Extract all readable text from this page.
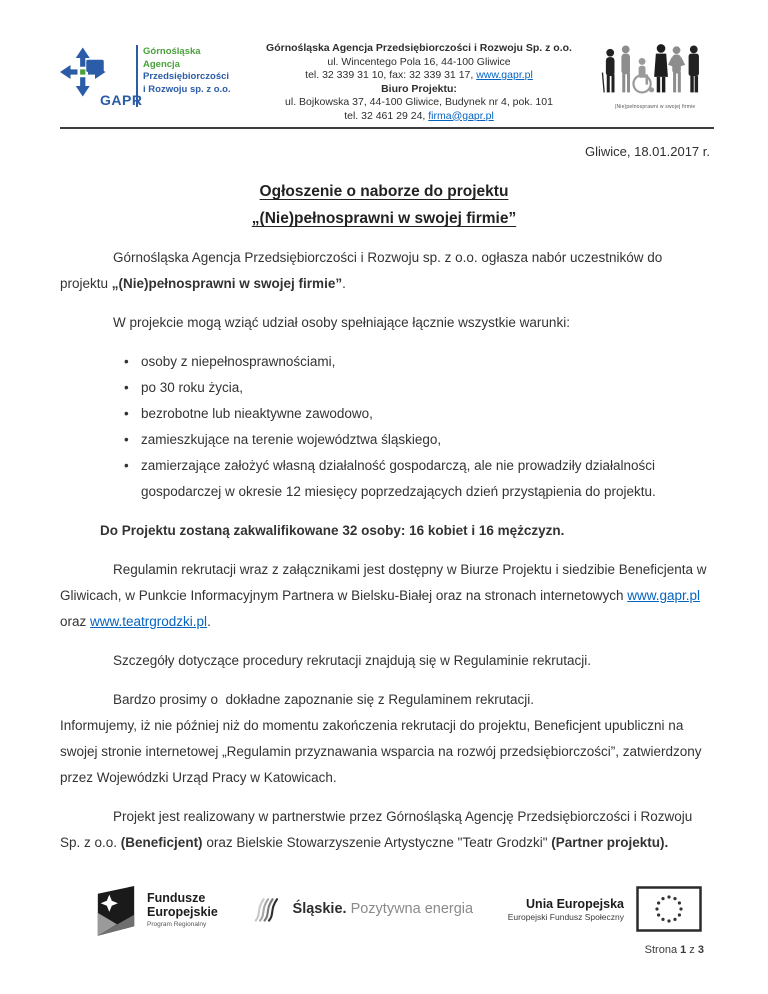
GAPR
Górnośląska
Agencja
Przedsiębiorczości
i Rozwoju sp. z o.o.
Górnośląska Agencja Przedsiębiorczości i Rozwoju Sp. z o.o.
ul. Wincentego Pola 16, 44-100 Gliwice
tel. 32 339 31 10, fax: 32 339 31 17, www.gapr.pl
Biuro Projektu:
ul. Bojkowska 37, 44-100 Gliwice, Budynek nr 4, pok. 101
tel. 32 461 29 24, firma@gapr.pl
(Nie)pełnosprawni w swojej firmie
Gliwice, 18.01.2017 r.
Ogłoszenie o naborze do projektu
„(Nie)pełnosprawni w swojej firmie”

Górnośląska Agencja Przedsiębiorczości i Rozwoju sp. z o.o. ogłasza nabór uczestników do projektu „(Nie)pełnosprawni w swojej firmie”.

W projekcie mogą wziąć udział osoby spełniające łącznie wszystkie warunki:

• osoby z niepełnosprawnościami,
• po 30 roku życia,
• bezrobotne lub nieaktywne zawodowo,
• zamieszkujące na terenie województwa śląskiego,
• zamierzające założyć własną działalność gospodarczą, ale nie prowadziły działalności gospodarczej w okresie 12 miesięcy poprzedzających dzień przystąpienia do projektu.

Do Projektu zostaną zakwalifikowane 32 osoby: 16 kobiet i 16 mężczyzn.

Regulamin rekrutacji wraz z załącznikami jest dostępny w Biurze Projektu i siedzibie Beneficjenta w Gliwicach, w Punkcie Informacyjnym Partnera w Bielsku-Białej oraz na stronach internetowych www.gapr.pl oraz www.teatrgrodzki.pl.

Szczegóły dotyczące procedury rekrutacji znajdują się w Regulaminie rekrutacji.

Bardzo prosimy o  dokładne zapoznanie się z Regulaminem rekrutacji.
Informujemy, iż nie później niż do momentu zakończenia rekrutacji do projektu, Beneficjent upubliczni na swojej stronie internetowej „Regulamin przyznawania wsparcia na rozwój przedsiębiorczości”, zatwierdzony przez Wojewódzki Urząd Pracy w Katowicach.

Projekt jest realizowany w partnerstwie przez Górnośląską Agencję Przedsiębiorczości i Rozwoju Sp. z o.o. (Beneficjent) oraz Bielskie Stowarzyszenie Artystyczne "Teatr Grodzki" (Partner projektu).

Fundusze
Europejskie
Program Regionalny
Śląskie. Pozytywna energia	Unia Europejska
Europejski Fundusz Społeczny
Strona 1 z 3
